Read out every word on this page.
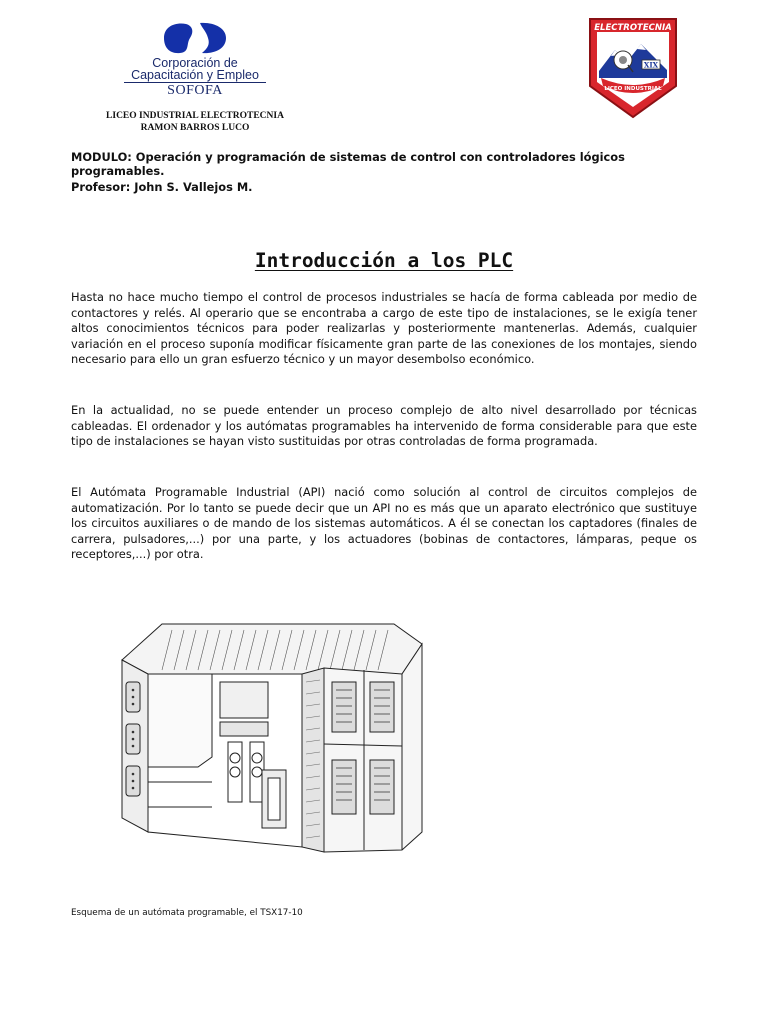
Corporación de
Capacitación y Empleo
SOFOFA
LICEO INDUSTRIAL ELECTROTECNIA
RAMON BARROS LUCO
ELECTROTECNIA
XIX
LICEO INDUSTRIAL
MODULO: Operación y programación de sistemas de control con controladores lógicos
programables.
Profesor: John S. Vallejos M.
Introducción a los PLC
Hasta no hace mucho tiempo el control de procesos industriales se hacía de forma cableada por medio de contactores y relés. Al operario que se encontraba a cargo de este tipo de instalaciones, se le exigía tener altos conocimientos técnicos para poder realizarlas y posteriormente mantenerlas. Además, cualquier variación en el proceso suponía modificar físicamente gran parte de las conexiones de los montajes, siendo necesario para ello un gran esfuerzo técnico y un mayor desembolso económico.
En la actualidad, no se puede entender un proceso complejo de alto nivel desarrollado por técnicas cableadas. El ordenador y los autómatas programables ha intervenido de forma considerable para que este tipo de instalaciones se hayan visto sustituidas por otras controladas de forma programada.
El Autómata Programable Industrial (API) nació como solución al control de circuitos complejos de automatización. Por lo tanto se puede decir que un API no es más que un aparato electrónico que sustituye los circuitos auxiliares o de mando de los sistemas automáticos. A él se conectan los captadores (finales de carrera, pulsadores,...) por una parte, y los actuadores (bobinas de contactores, lámparas, peque os receptores,...) por otra.
Esquema de un autómata programable, el TSX17-10
